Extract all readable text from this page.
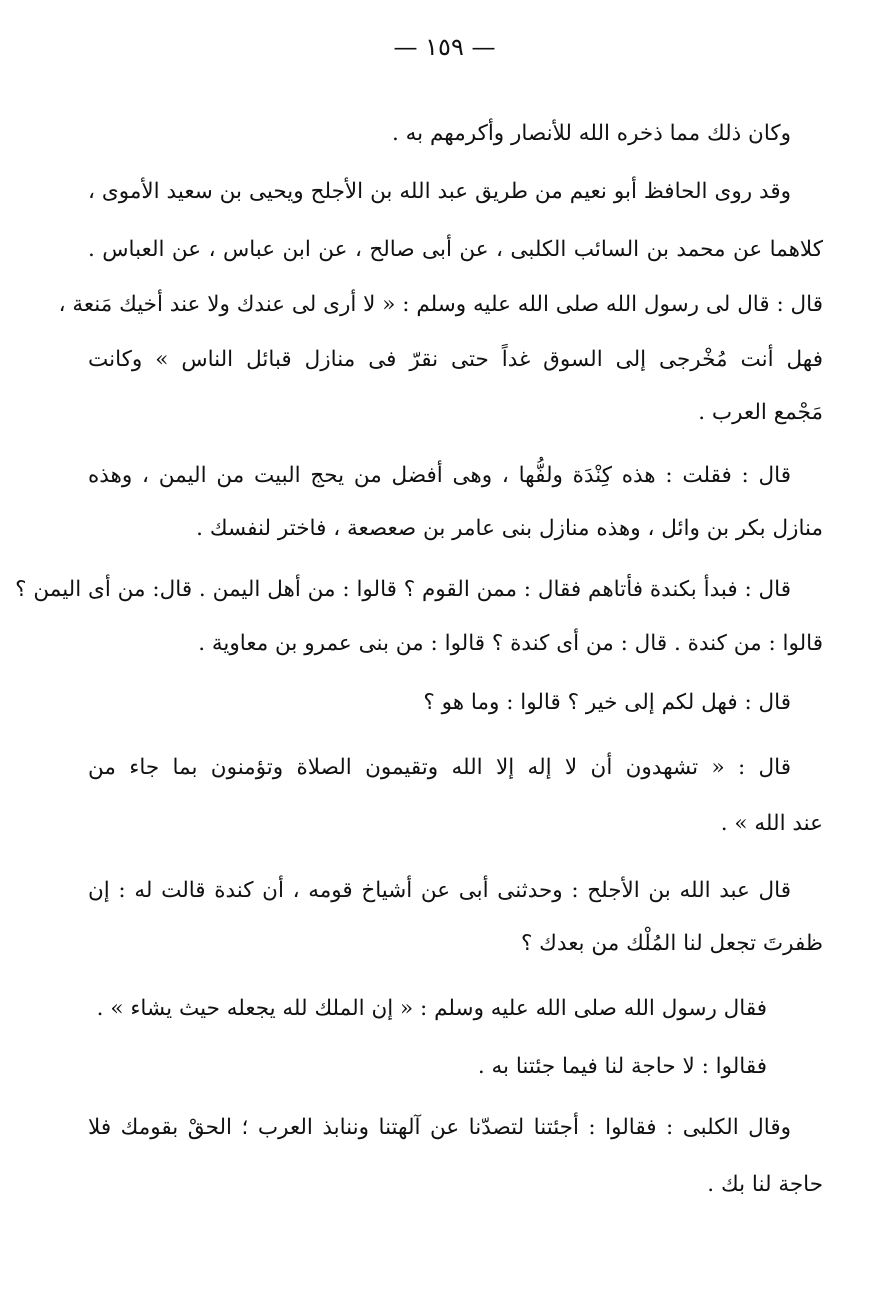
— ١٥٩ —
وكان ذلك مما ذخره الله للأنصار وأكرمهم به .
وقد روى الحافظ أبو نعيم من طريق عبد الله بن الأجلح ويحيى بن سعيد الأموى ،
كلاهما عن محمد بن السائب الكلبى ، عن أبى صالح ، عن ابن عباس ، عن العباس .
قال : قال لى رسول الله صلى الله عليه وسلم : « لا أرى لى عندك ولا عند أخيك مَنعة ،
فهل أنت مُخْرجى إلى السوق غداً حتى نقرّ فى منازل قبائل الناس » وكانت
مَجْمع العرب .
قال : فقلت : هذه كِنْدَة ولفُّها ، وهى أفضل من يحج البيت من اليمن ، وهذه
منازل بكر بن وائل ، وهذه منازل بنى عامر بن صعصعة ، فاختر لنفسك .
قال : فبدأ بكندة فأتاهم فقال : ممن القوم ؟ قالوا : من أهل اليمن . قال: من أى اليمن ؟
قالوا : من كندة . قال : من أى كندة ؟ قالوا : من بنى عمرو بن معاوية .
قال : فهل لكم إلى خير ؟ قالوا : وما هو ؟
قال : « تشهدون أن لا إله إلا الله وتقيمون الصلاة وتؤمنون بما جاء من
عند الله » .
قال عبد الله بن الأجلح : وحدثنى أبى عن أشياخ قومه ، أن كندة قالت له : إن
ظفرتَ تجعل لنا المُلْك من بعدك ؟
فقال رسول الله صلى الله عليه وسلم : « إن الملك لله يجعله حيث يشاء » .
فقالوا : لا حاجة لنا فيما جئتنا به .
وقال الكلبى : فقالوا : أجئتنا لتصدّنا عن آلهتنا وننابذ العرب ؛ الحقْ بقومك فلا
حاجة لنا بك .
